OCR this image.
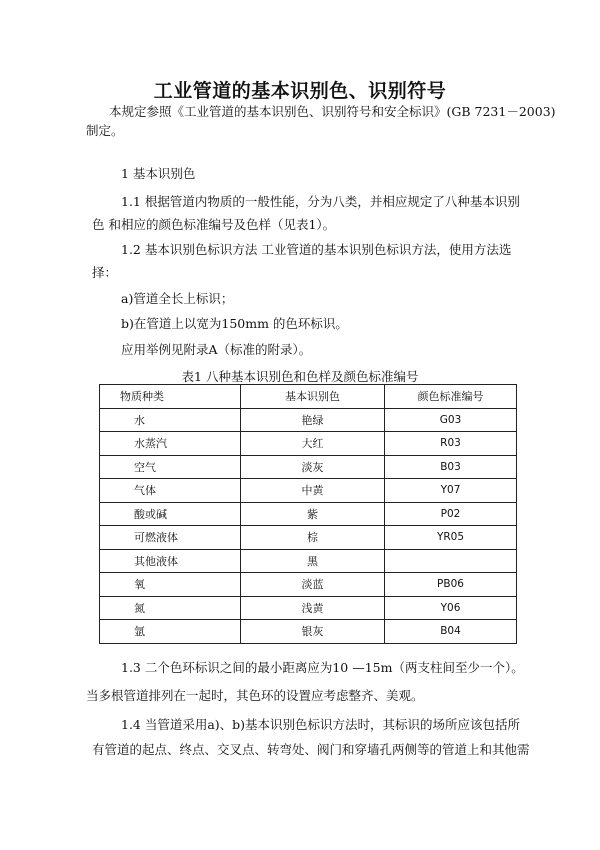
工业管道的基本识别色、识别符号
本规定参照《工业管道的基本识别色、识别符号和安全标识》(GB 7231－2003)
制定。
1 基本识别色
1.1 根据管道内物质的一般性能，分为八类，并相应规定了八种基本识别
色 和相应的颜色标准编号及色样（见表1）。
1.2 基本识别色标识方法 工业管道的基本识别色标识方法，使用方法选
择：
a)管道全长上标识；
b)在管道上以宽为150mm 的色环标识。
应用举例见附录A（标准的附录）。
表1 八种基本识别色和色样及颜色标准编号
物质种类	基本识别色	颜色标准编号
水	艳绿	G03
水蒸汽	大红	R03
空气	淡灰	B03
气体	中黄	Y07
酸或碱	紫	P02
可燃液体	棕	YR05
其他液体	黑	
氧	淡蓝	PB06
氮	浅黄	Y06
氩	银灰	B04
1.3 二个色环标识之间的最小距离应为10 —15m（两支柱间至少一个）。
当多根管道排列在一起时，其色环的设置应考虑整齐、美观。
1.4 当管道采用a)、b)基本识别色标识方法时，其标识的场所应该包括所
有管道的起点、终点、交叉点、转弯处、阀门和穿墙孔两侧等的管道上和其他需
